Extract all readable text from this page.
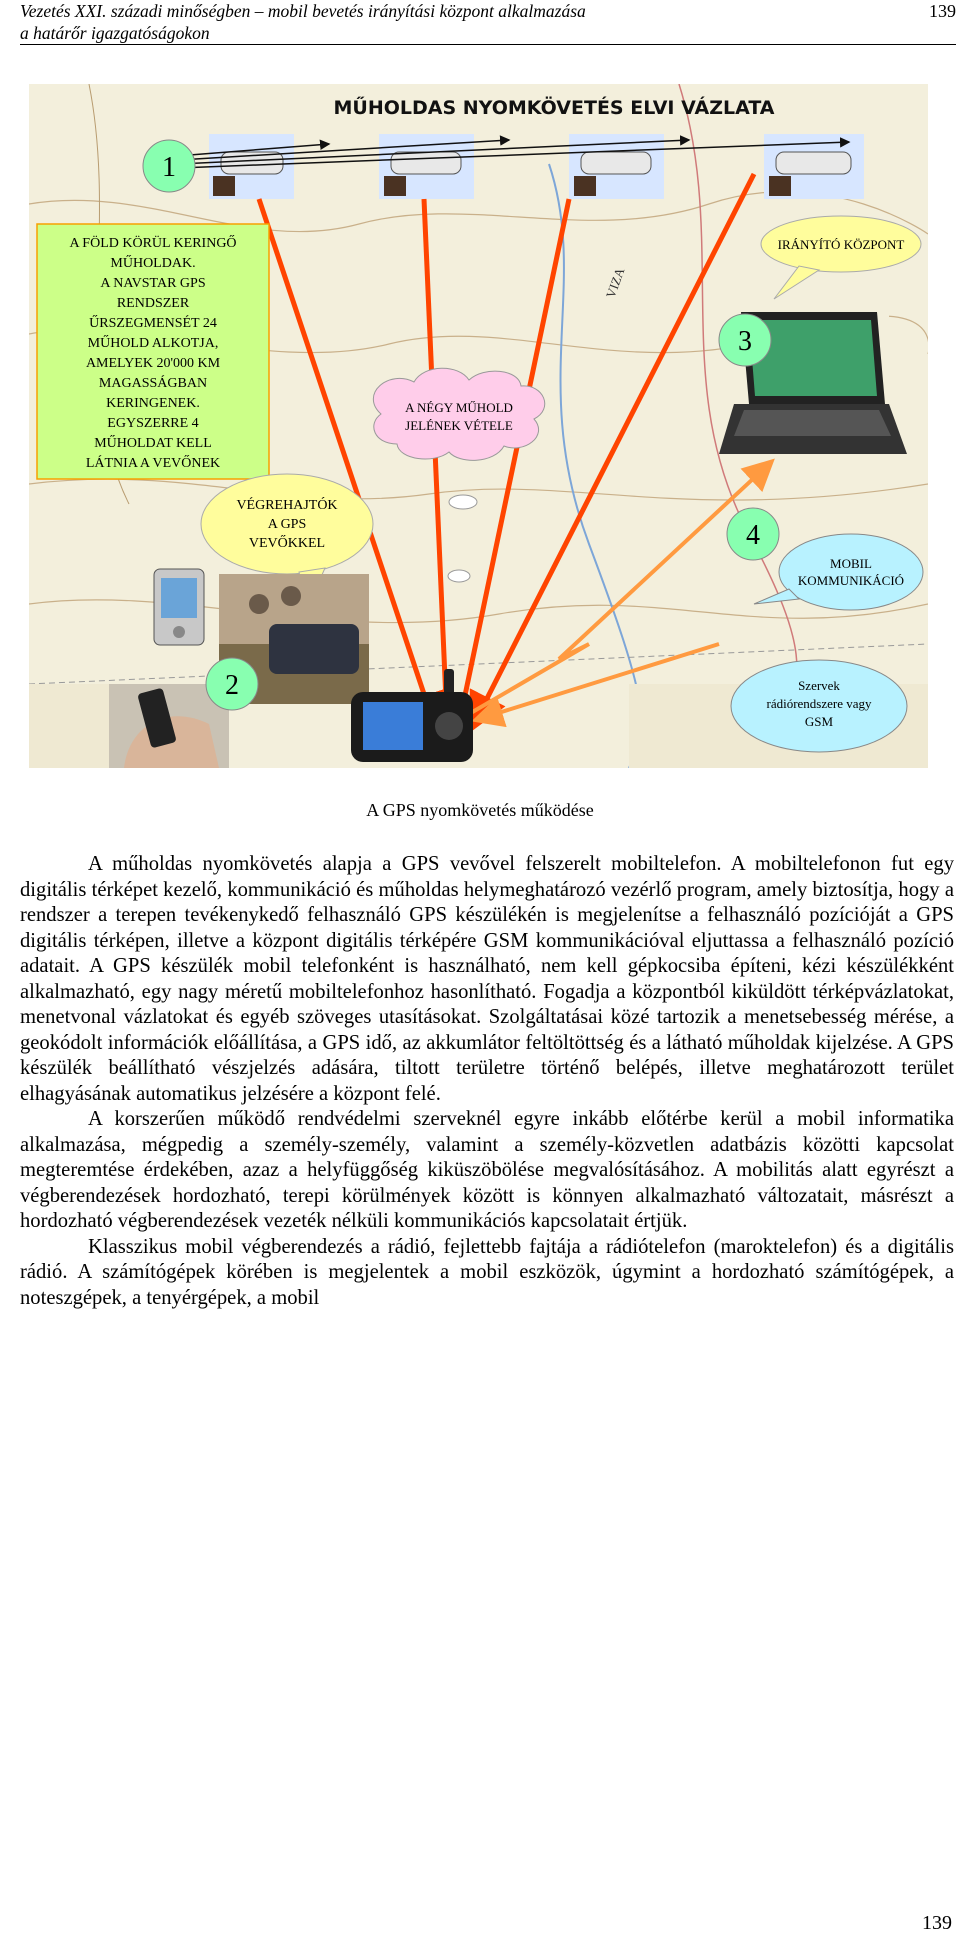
Vezetés XXI. századi minőségben – mobil bevetés irányítási központ alkalmazása
a határőr igazgatóságokon
139
VIZA
MŰHOLDAS NYOMKÖVETÉS ELVI VÁZLATA
A FÖLD KÖRÜL KERINGŐ
MŰHOLDAK.
A NAVSTAR GPS
RENDSZER
ŰRSZEGMENSÉT 24
MŰHOLD ALKOTJA,
AMELYEK 20'000 KM
MAGASSÁGBAN
KERINGENEK.
EGYSZERRE 4
MŰHOLDAT KELL
LÁTNIA A VEVŐNEK
1
IRÁNYÍTÓ KÖZPONT
3
A NÉGY MŰHOLD
JELÉNEK VÉTELE
VÉGREHAJTÓK
A GPS
VEVŐKKEL	4
MOBIL
KOMMUNIKÁCIÓ
Szervek
rádiórendszere vagy
GSM
2
A GPS nyomkövetés működése

A műholdas nyomkövetés alapja a GPS vevővel felszerelt mobiltelefon. A mobiltelefonon fut egy digitális térképet kezelő, kommunikáció és műholdas helymeghatározó vezérlő program, amely biztosítja, hogy a rendszer a terepen tevékenykedő felhasználó GPS készülékén is megjelenítse a felhasználó pozícióját a GPS digitális térképen, illetve a központ digitális térképére GSM kommunikációval eljuttassa a felhasználó pozíció adatait. A GPS készülék mobil telefonként is használható, nem kell gépkocsiba építeni, kézi készülékként alkalmazható, egy nagy méretű mobiltelefonhoz hasonlítható. Fogadja a központból kiküldött térképvázlatokat, menetvonal vázlatokat és egyéb szöveges utasításokat. Szolgáltatásai közé tartozik a menetsebesség mérése, a geokódolt információk előállítása, a GPS idő, az akkumlátor feltöltöttség és a látható műholdak kijelzése. A GPS készülék beállítható vészjelzés adására, tiltott területre történő belépés, illetve meghatározott terület elhagyásának automatikus jelzésére a központ felé.

A korszerűen működő rendvédelmi szerveknél egyre inkább előtérbe kerül a mobil informatika alkalmazása, mégpedig a személy-személy, valamint a személy-közvetlen adatbázis közötti kapcsolat megteremtése érdekében, azaz a helyfüggőség kiküszöbölése megvalósításához. A mobilitás alatt egyrészt a végberendezések hordozható, terepi körülmények között is könnyen alkalmazható változatait, másrészt a hordozható végberendezések vezeték nélküli kommunikációs kapcsolatait értjük.

Klasszikus mobil végberendezés a rádió, fejlettebb fajtája a rádiótelefon (maroktelefon) és a digitális rádió. A számítógépek körében is megjelentek a mobil eszközök, úgymint a hordozható számítógépek, a noteszgépek, a tenyérgépek, a mobil

139
